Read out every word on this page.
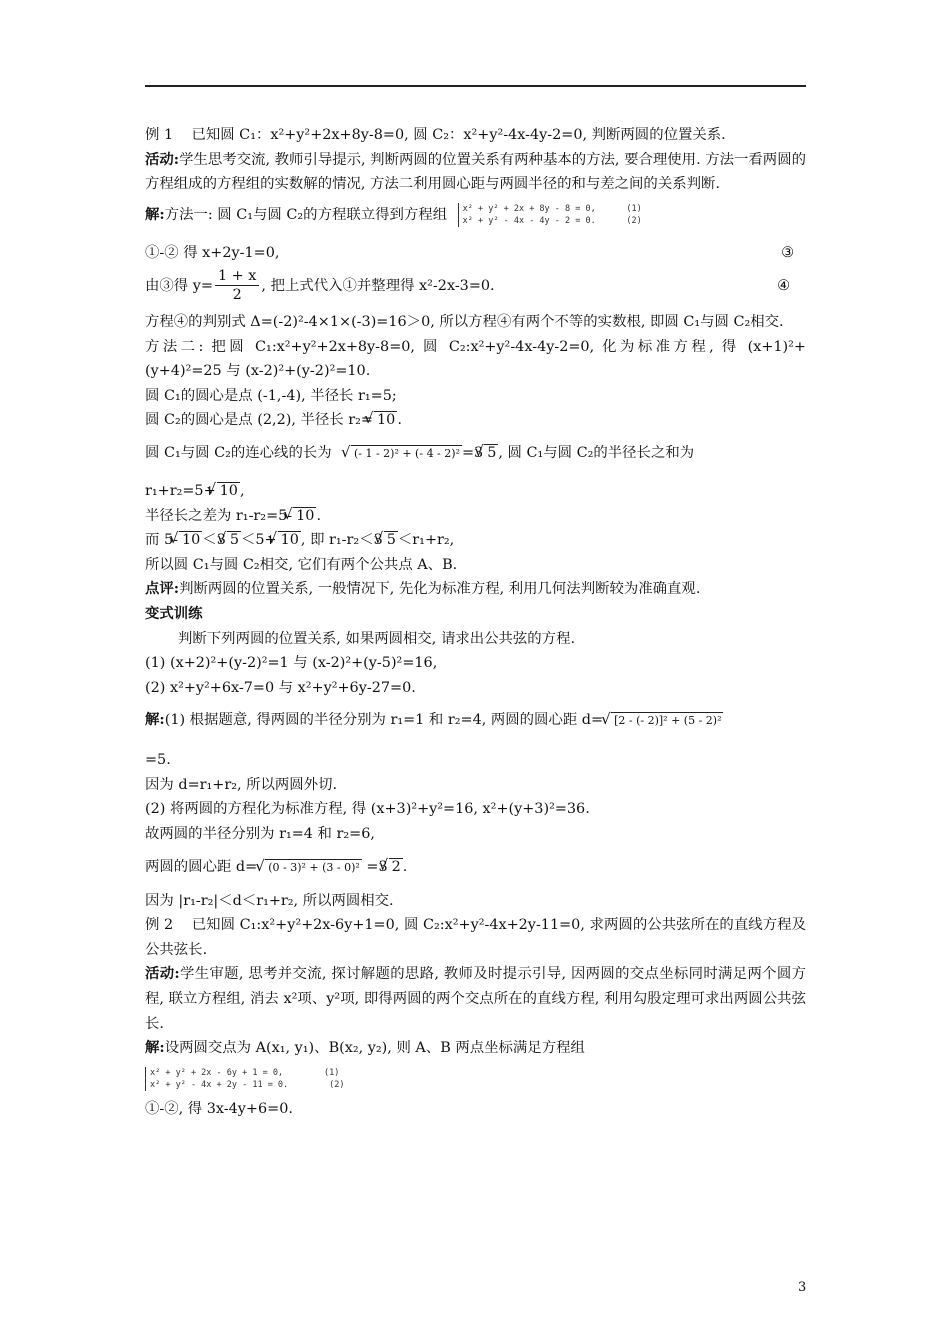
例 1 已知圆 C₁：x²+y²+2x+8y-8=0, 圆 C₂：x²+y²-4x-4y-2=0, 判断两圆的位置关系.

活动:学生思考交流, 教师引导提示, 判断两圆的位置关系有两种基本的方法, 要合理使用. 方法一看两圆的方程组成的方程组的实数解的情况, 方法二利用圆心距与两圆半径的和与差之间的关系判断.

解:方法一: 圆 C₁与圆 C₂的方程联立得到方程组 x² + y² + 2x + 8y - 8 = 0,      (1)
x² + y² - 4x - 4y - 2 = 0.      (2)

①-② 得 x+2y-1=0,	③

由③得 $y= \frac{1 + x}{2}$ , 把上式代入①并整理得 x²-2x-3=0.	④

方程④的判别式 Δ=(-2)²-4×1×(-3)=16＞0, 所以方程④有两个不等的实数根, 即圆 C₁与圆 C₂相交.

方法二: 把圆 C₁:x²+y²+2x+8y-8=0, 圆 C₂:x²+y²-4x-4y-2=0, 化为标准方程, 得 (x+1)²+(y+4)²=25 与 (x-2)²+(y-2)²=10.

圆 C₁的圆心是点 (-1,-4), 半径长 r₁=5;

圆 C₂的圆心是点 (2,2), 半径长 r₂= √ 10 .

圆 C₁与圆 C₂的连心线的长为 √ (- 1 - 2)² + (- 4 - 2)² =3 √ 5 , 圆 C₁与圆 C₂的半径长之和为

r₁+r₂=5+ √ 10 ,

半径长之差为 r₁-r₂=5- √ 10 .

而 5- √ 10 ＜3 √ 5 ＜5+ √ 10 , 即 r₁-r₂＜3 √ 5 ＜r₁+r₂,

所以圆 C₁与圆 C₂相交, 它们有两个公共点 A、B.

点评:判断两圆的位置关系, 一般情况下, 先化为标准方程, 利用几何法判断较为准确直观.

变式训练

判断下列两圆的位置关系, 如果两圆相交, 请求出公共弦的方程.

(1) (x+2)²+(y-2)²=1 与 (x-2)²+(y-5)²=16,

(2) x²+y²+6x-7=0 与 x²+y²+6y-27=0.

解:(1) 根据题意, 得两圆的半径分别为 r₁=1 和 r₂=4, 两圆的圆心距 d= √ [2 - (- 2)]² + (5 - 2)²

=5.

因为 d=r₁+r₂, 所以两圆外切.

(2) 将两圆的方程化为标准方程, 得 (x+3)²+y²=16, x²+(y+3)²=36.

故两圆的半径分别为 r₁=4 和 r₂=6,

两圆的圆心距 d= √ (0 - 3)² + (3 - 0)² =3 √ 2 .

因为 |r₁-r₂|＜d＜r₁+r₂, 所以两圆相交.

例 2 已知圆 C₁:x²+y²+2x-6y+1=0, 圆 C₂:x²+y²-4x+2y-11=0, 求两圆的公共弦所在的直线方程及公共弦长.

活动:学生审题, 思考并交流, 探讨解题的思路, 教师及时提示引导, 因两圆的交点坐标同时满足两个圆方程, 联立方程组, 消去 x²项、y²项, 即得两圆的两个交点所在的直线方程, 利用勾股定理可求出两圆公共弦长.

解:设两圆交点为 A(x₁, y₁)、B(x₂, y₂), 则 A、B 两点坐标满足方程组

x² + y² + 2x - 6y + 1 = 0,        (1)
x² + y² - 4x + 2y - 11 = 0.        (2)

①-②, 得 3x-4y+6=0.

3
